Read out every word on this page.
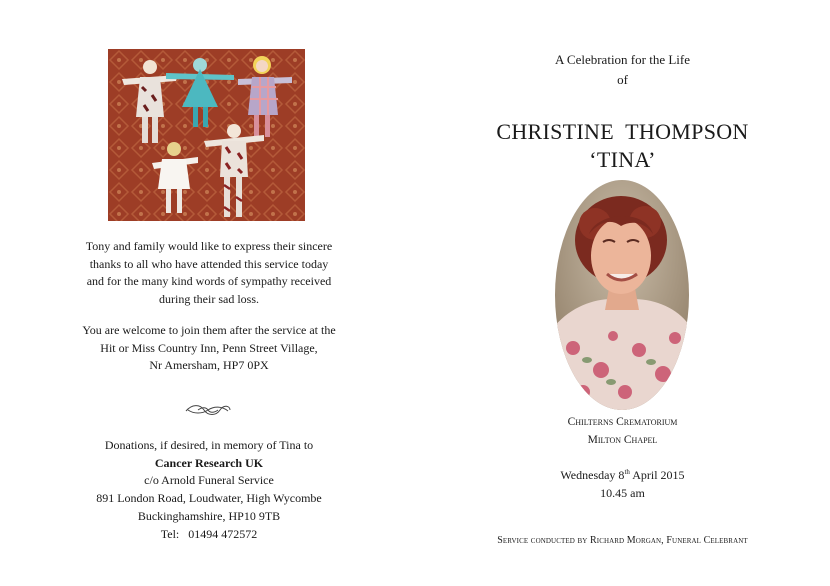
Tony and family would like to express their sincere

thanks to all who have attended this service today

and for the many kind words of sympathy received

during their sad loss.

You are welcome to join them after the service at the

Hit or Miss Country Inn, Penn Street Village,

Nr Amersham, HP7 0PX

Donations, if desired, in memory of Tina to

Cancer Research UK

c/o Arnold Funeral Service

891 London Road, Loudwater, High Wycombe

Buckinghamshire, HP10 9TB

Tel:   01494 472572

A Celebration for the Life

of

CHRISTINE  THOMPSON

‘TINA’

Chilterns Crematorium

Milton Chapel

Wednesday 8th April 2015

10.45 am

Service conducted by Richard Morgan, Funeral Celebrant
